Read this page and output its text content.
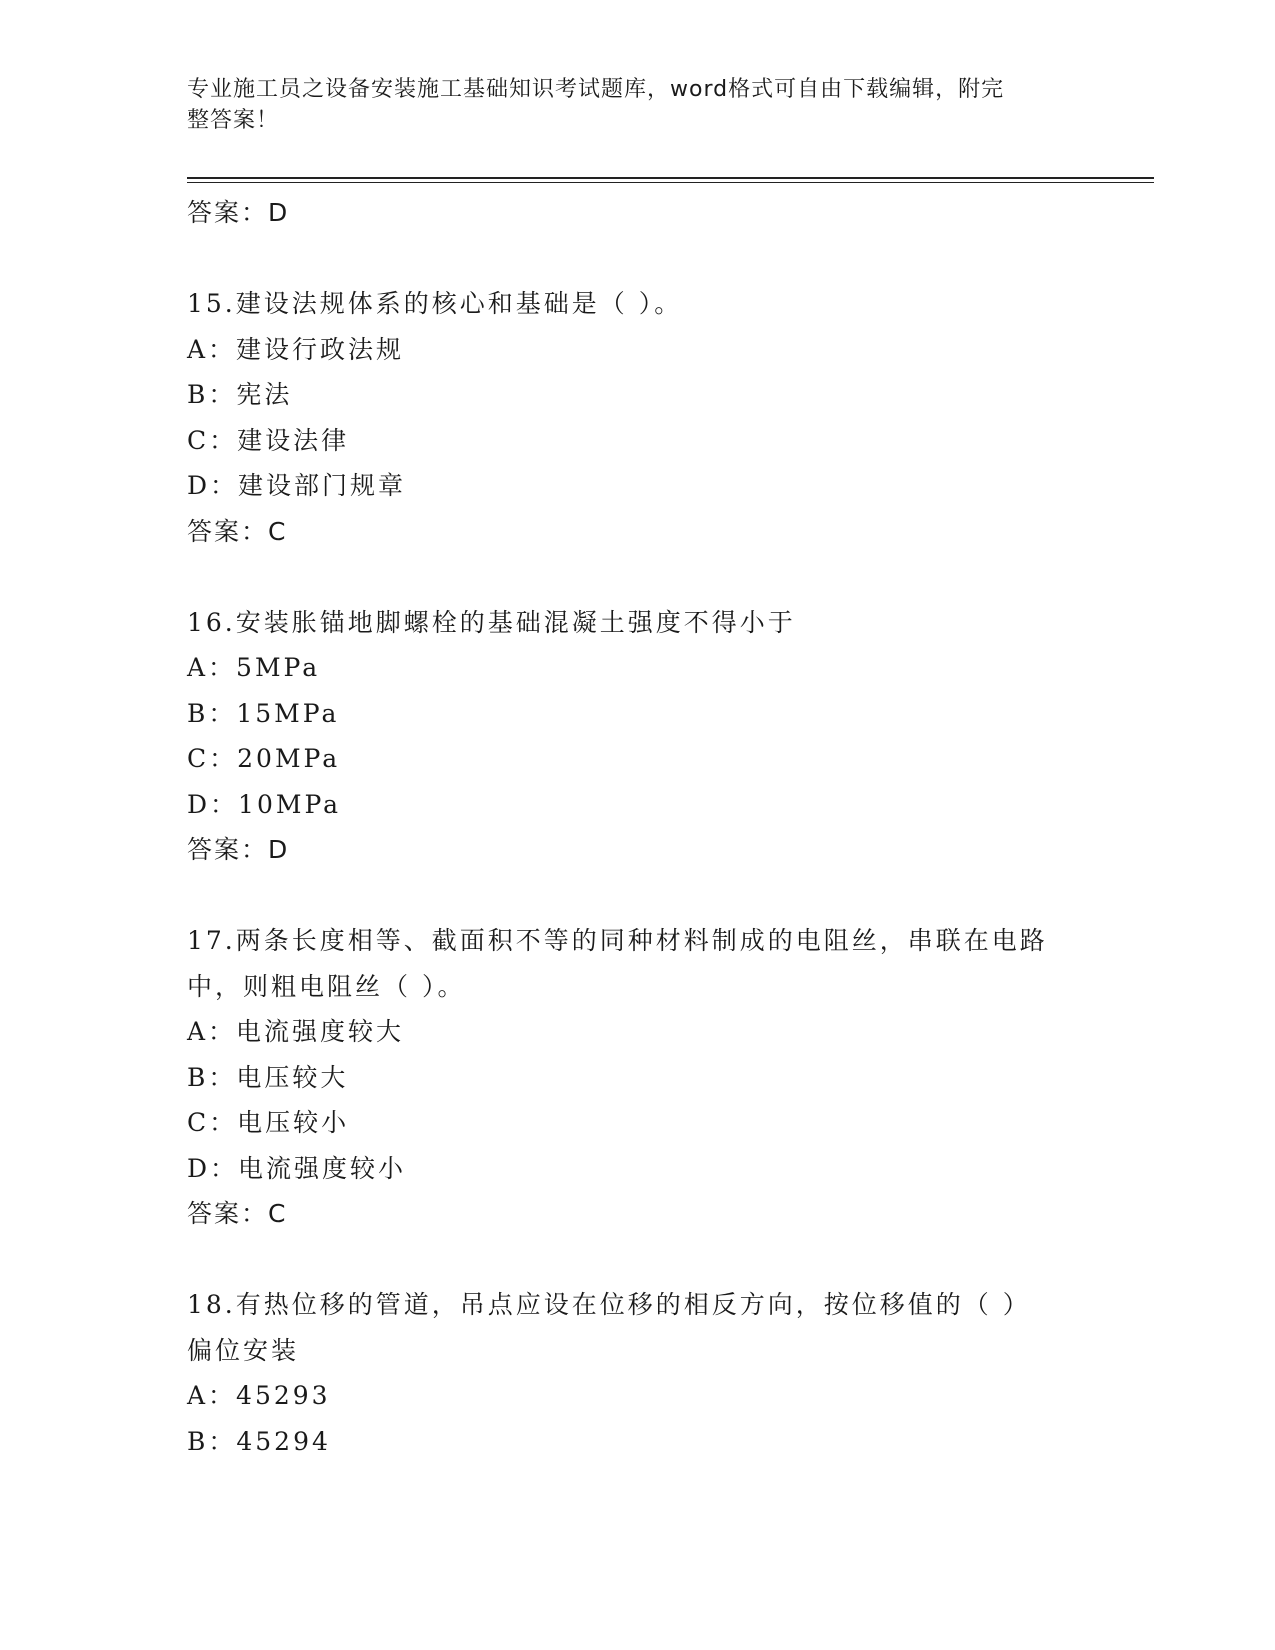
专业施工员之设备安装施工基础知识考试题库，word格式可自由下载编辑，附完
整答案！
答案：D
15.建设法规体系的核心和基础是（ ）。
A：建设行政法规
B：宪法
C：建设法律
D：建设部门规章
答案：C
16.安装胀锚地脚螺栓的基础混凝土强度不得小于
A：5MPa
B：15MPa
C：20MPa
D：10MPa
答案：D
17.两条长度相等、截面积不等的同种材料制成的电阻丝，串联在电路
中，则粗电阻丝（ ）。
A：电流强度较大
B：电压较大
C：电压较小
D：电流强度较小
答案：C
18.有热位移的管道，吊点应设在位移的相反方向，按位移值的（ ）
偏位安装
A：45293
B：45294
